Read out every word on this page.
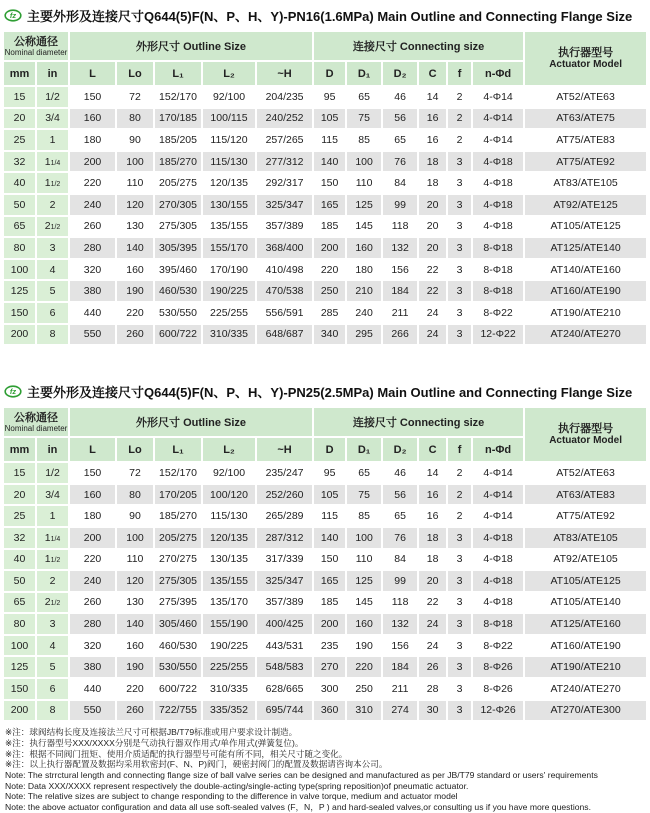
fz 主要外形及连接尺寸Q644(5)F(N、P、H、Y)-PN16(1.6MPa) Main Outline and Connecting Flange Size
公称通径
Nominal diameter	外形尺寸 Outline Size	连接尺寸 Connecting size	执行器型号
Actuator Model

mm	in	L	Lo	L₁	L₂	~H	D	D₁	D₂	C	f	n-Φd	
15	1/2	150	72	152/170	92/100	204/235	95	65	46	14	2	4-Φ14	AT52/ATE63
20	3/4	160	80	170/185	100/115	240/252	105	75	56	16	2	4-Φ14	AT63/ATE75
25	1	180	90	185/205	115/120	257/265	115	85	65	16	2	4-Φ14	AT75/ATE83
32	11/4	200	100	185/270	115/130	277/312	140	100	76	18	3	4-Φ18	AT75/ATE92
40	11/2	220	110	205/275	120/135	292/317	150	110	84	18	3	4-Φ18	AT83/ATE105
50	2	240	120	270/305	130/155	325/347	165	125	99	20	3	4-Φ18	AT92/ATE125
65	21/2	260	130	275/305	135/155	357/389	185	145	118	20	3	4-Φ18	AT105/ATE125
80	3	280	140	305/395	155/170	368/400	200	160	132	20	3	8-Φ18	AT125/ATE140
100	4	320	160	395/460	170/190	410/498	220	180	156	22	3	8-Φ18	AT140/ATE160
125	5	380	190	460/530	190/225	470/538	250	210	184	22	3	8-Φ18	AT160/ATE190
150	6	440	220	530/550	225/255	556/591	285	240	211	24	3	8-Φ22	AT190/ATE210
200	8	550	260	600/722	310/335	648/687	340	295	266	24	3	12-Φ22	AT240/ATE270
fz 主要外形及连接尺寸Q644(5)F(N、P、H、Y)-PN25(2.5MPa) Main Outline and Connecting Flange Size
公称通径
Nominal diameter	外形尺寸 Outline Size	连接尺寸 Connecting size	执行器型号
Actuator Model

mm	in	L	Lo	L₁	L₂	~H	D	D₁	D₂	C	f	n-Φd	
15	1/2	150	72	152/170	92/100	235/247	95	65	46	14	2	4-Φ14	AT52/ATE63
20	3/4	160	80	170/205	100/120	252/260	105	75	56	16	2	4-Φ14	AT63/ATE83
25	1	180	90	185/270	115/130	265/289	115	85	65	16	2	4-Φ14	AT75/ATE92
32	11/4	200	100	205/275	120/135	287/312	140	100	76	18	3	4-Φ18	AT83/ATE105
40	11/2	220	110	270/275	130/135	317/339	150	110	84	18	3	4-Φ18	AT92/ATE105
50	2	240	120	275/305	135/155	325/347	165	125	99	20	3	4-Φ18	AT105/ATE125
65	21/2	260	130	275/395	135/170	357/389	185	145	118	22	3	4-Φ18	AT105/ATE140
80	3	280	140	305/460	155/190	400/425	200	160	132	24	3	8-Φ18	AT125/ATE160
100	4	320	160	460/530	190/225	443/531	235	190	156	24	3	8-Φ22	AT160/ATE190
125	5	380	190	530/550	225/255	548/583	270	220	184	26	3	8-Φ26	AT190/ATE210
150	6	440	220	600/722	310/335	628/665	300	250	211	28	3	8-Φ26	AT240/ATE270
200	8	550	260	722/755	335/352	695/744	360	310	274	30	3	12-Φ26	AT270/ATE300

※注：球阀结构长度及连接法兰尺寸可根据JB/T79标准或用户要求设计制造。

※注：执行器型号XXX/XXXX分别是气动执行器双作用式/单作用式(弹簧复位)。

※注：根据不同阀门扭矩、使用介质适配的执行器型号可能有所不同，相关尺寸随之变化。

※注：以上执行器配置及数据均采用软密封(F、N、P)阀门，硬密封阀门的配置及数据请咨询本公司。

Note: The strrctural length and connecting flange size of ball valve series can be designed and manufactured as per JB/T79 standard or users' requirements

Note: Data XXX/XXXX represent respectively the double-acting/single-acting type(spring reposition)of pneumatic actuator.

Note: The relative sizes are subject to change responding to the difference in valve torque, medium and actuator model

Note: the above actuator configuration and data all use soft-sealed valves (F，N，P ) and hard-sealed valves,or consulting us if you have more questions.
